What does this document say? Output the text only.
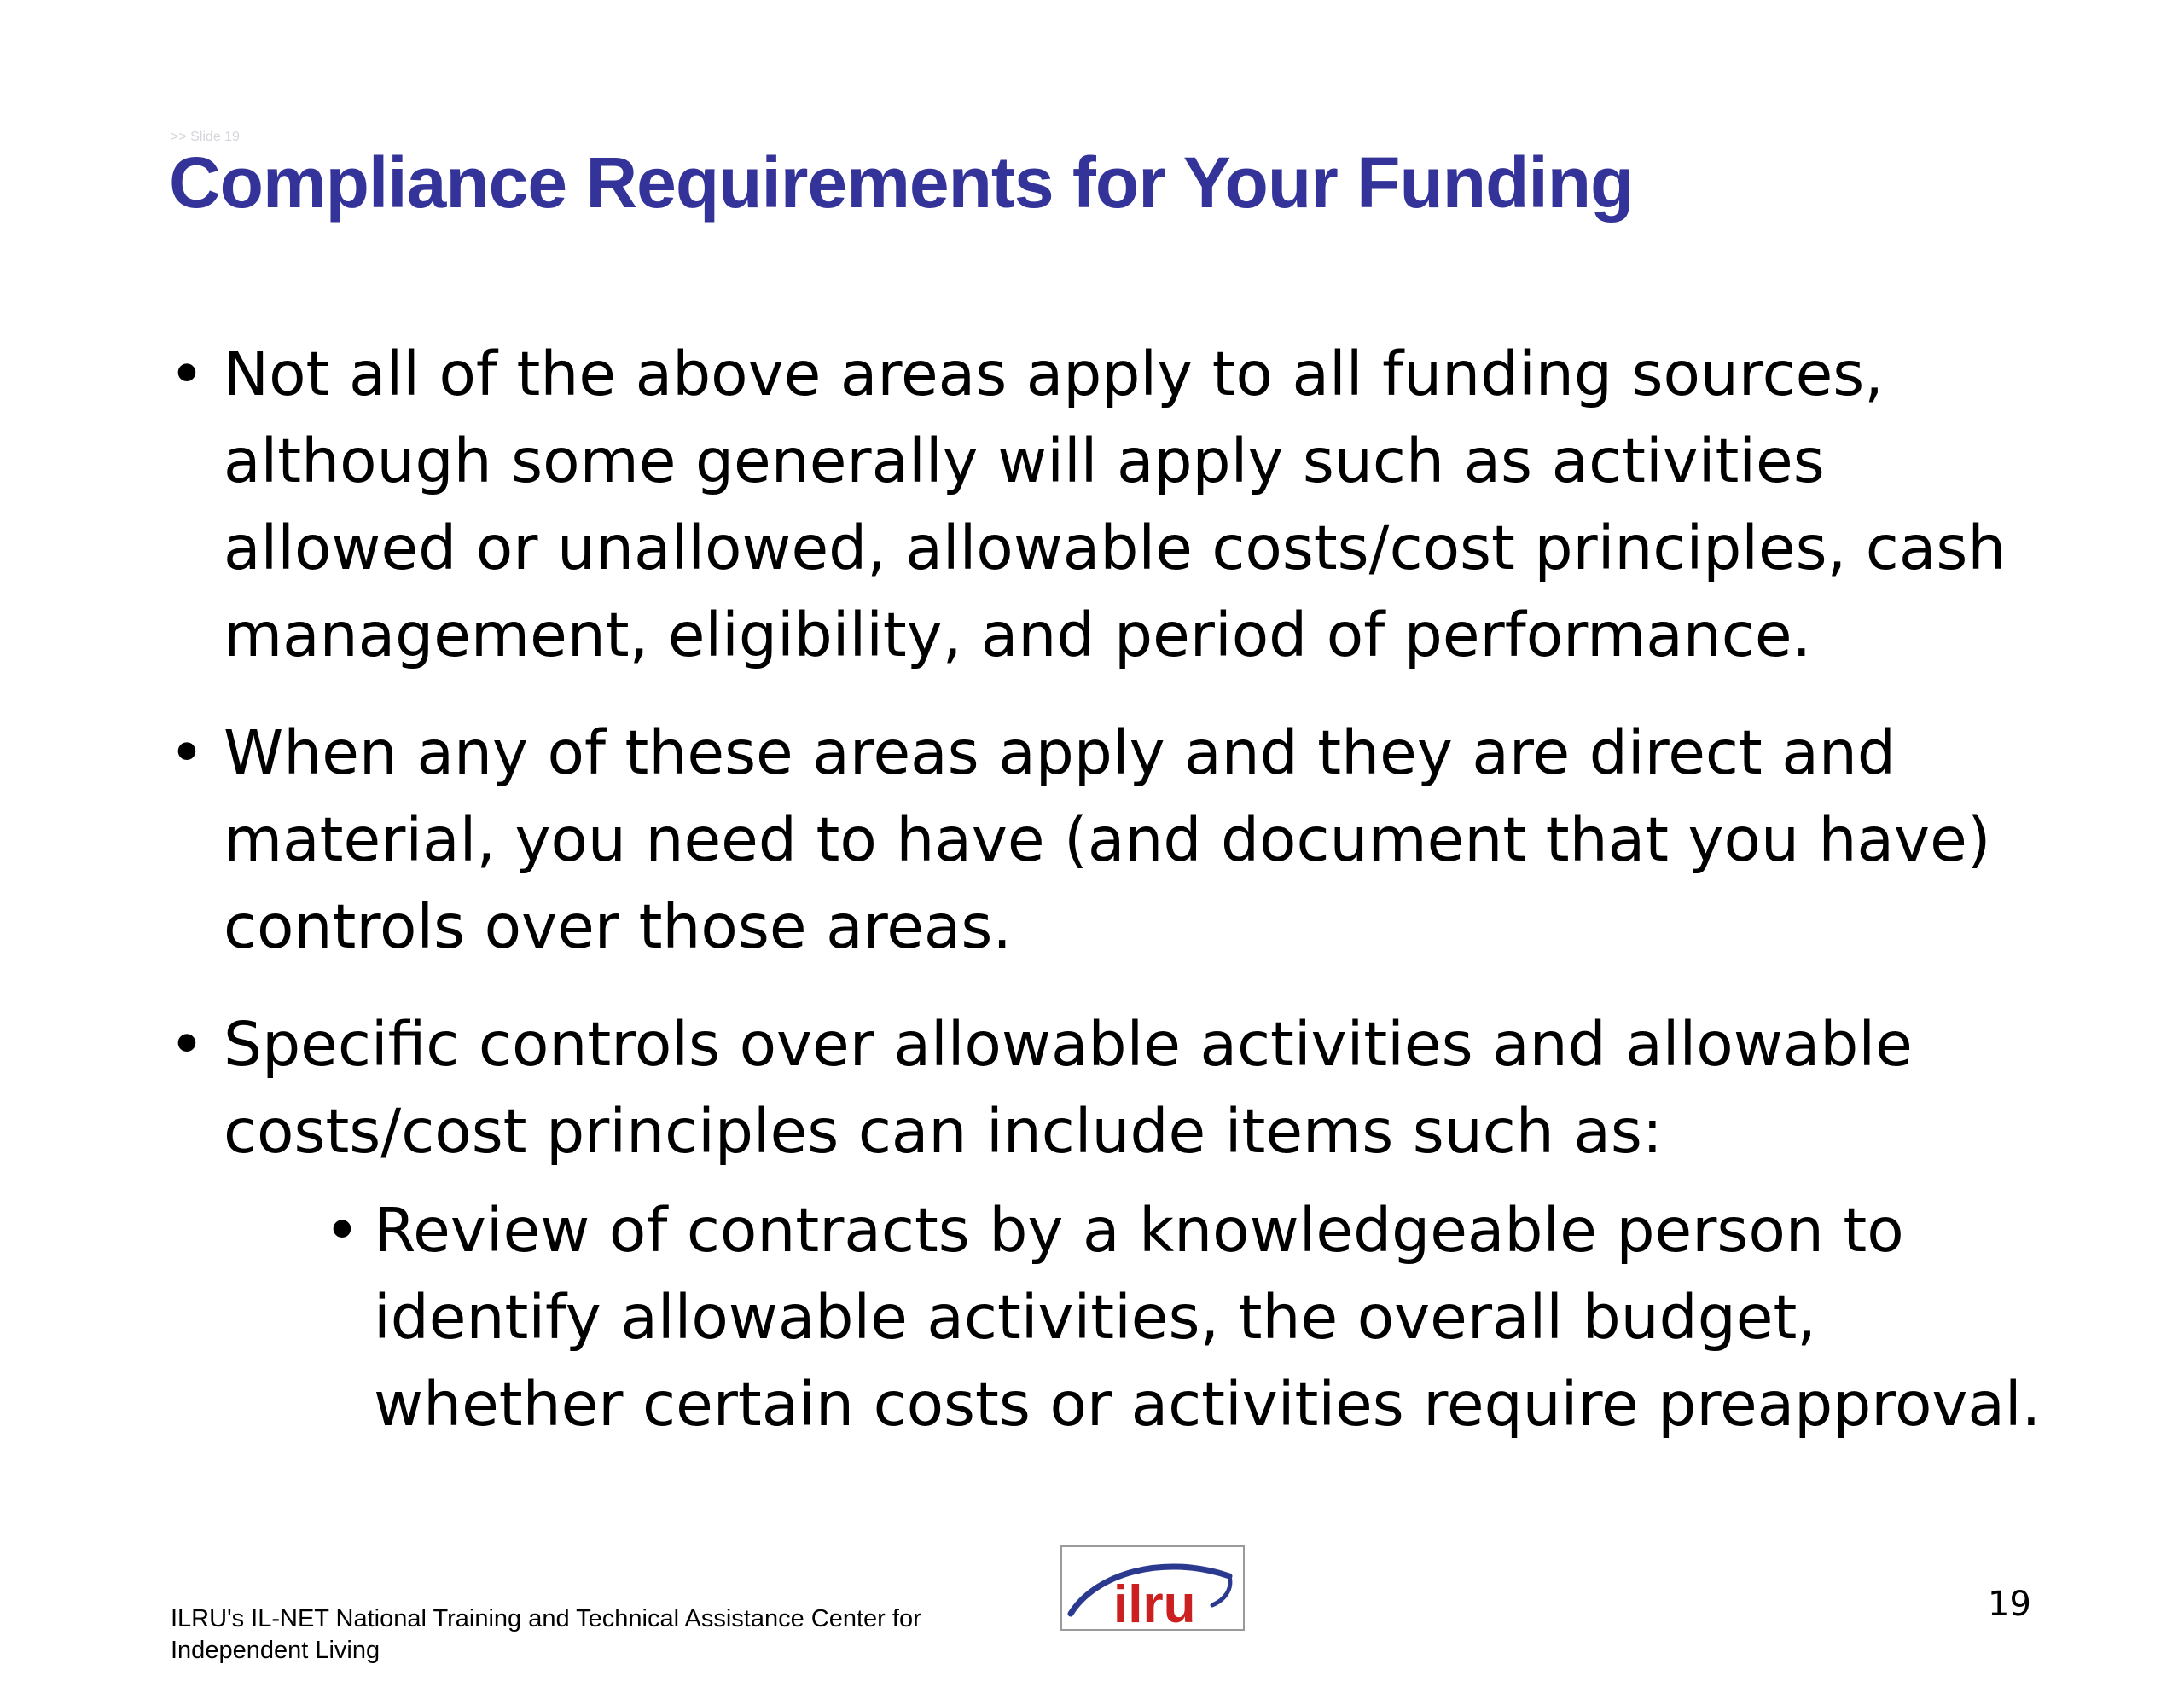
>> Slide 19
Compliance Requirements for Your Funding
• Not all of the above areas apply to all funding sources, although some generally will apply such as activities allowed or unallowed, allowable costs/cost principles, cash management, eligibility, and period of performance.
• When any of these areas apply and they are direct and material, you need to have (and document that you have) controls over those areas.
• Specific controls over allowable activities and allowable costs/cost principles can include items such as:
• Review of contracts by a knowledgeable person to identify allowable activities, the overall budget, whether certain costs or activities require preapproval.
ILRU's IL-NET National Training and Technical Assistance Center for Independent Living
ilru	19
